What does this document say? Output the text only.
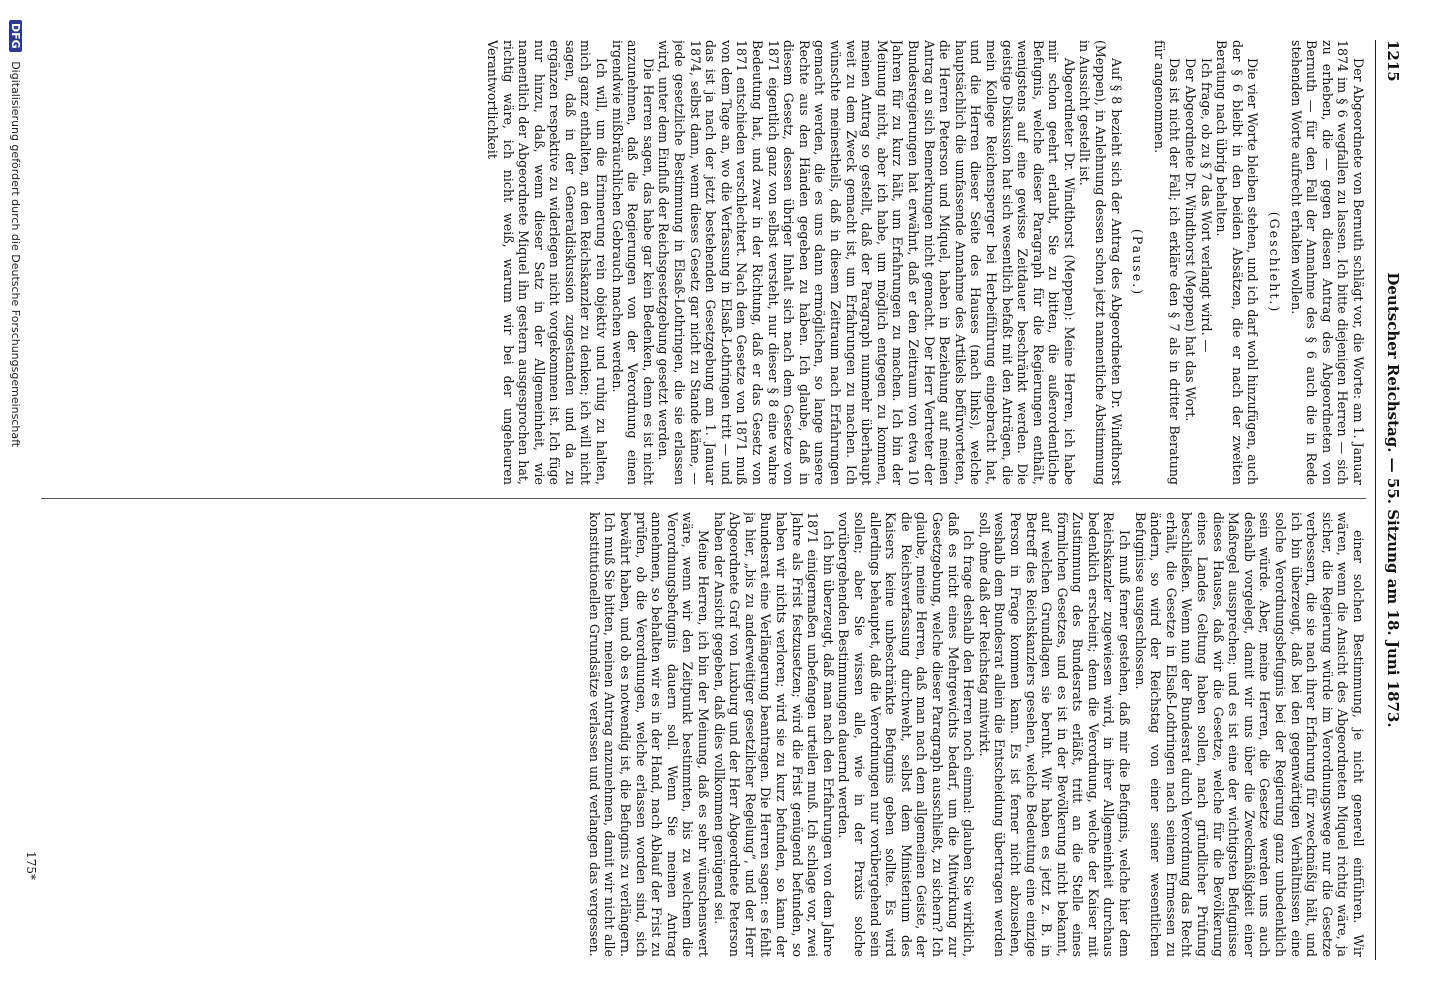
1215
Deutscher Reichstag. — 55. Sitzung am 18. Juni 1873.

einer solchen Bestimmung, je nicht generell einführen. Wir wären, wenn die Ansicht des Abgeordneten Miquel richtig wäre, ja sicher, die Regierung würde im Verordnungswege nur die Gesetze verbessern, die sie nach ihrer Erfahrung für zweckmäßig hält, und ich bin überzeugt, daß bei den gegenwärtigen Verhältnissen eine solche Verordnungsbefugnis bei der Regierung ganz unbedenklich sein würde. Aber, meine Herren, die Gesetze werden uns auch deshalb vorgelegt, damit wir uns über die Zweckmäßigkeit einer Maßregel aussprechen; und es ist eine der wichtigsten Befugnisse dieses Hauses, daß wir die Gesetze, welche für die Bevölkerung eines Landes Geltung haben sollen, nach gründlicher Prüfung beschließen. Wenn nun der Bundesrat durch Verordnung das Recht erhält, die Gesetze in Elsaß-Lothringen nach seinem Ermessen zu ändern, so wird der Reichstag von einer seiner wesentlichen Befugnisse ausgeschlossen.

Ich muß ferner gestehen, daß mir die Befugnis, welche hier dem Reichskanzler zugewiesen wird, in ihrer Allgemeinheit durchaus bedenklich erscheint; denn die Verordnung, welche der Kaiser mit Zustimmung des Bundesrats erläßt, tritt an die Stelle eines förmlichen Gesetzes, und es ist in der Bevölkerung nicht bekannt, auf welchen Grundlagen sie beruht. Wir haben es jetzt z. B. in Betreff des Reichskanzlers gesehen, welche Bedeutung eine einzige Person in Frage kommen kann. Es ist ferner nicht abzusehen, weshalb dem Bundesrat allein die Entscheidung übertragen werden soll, ohne daß der Reichstag mitwirkt.

Ich frage deshalb den Herren noch einmal: glauben Sie wirklich, daß es nicht eines Mehrgewichts bedarf, um die Mitwirkung zur Gesetzgebung, welche dieser Paragraph ausschließt, zu sichern? Ich glaube, meine Herren, daß man nach dem allgemeinen Geiste, der die Reichsverfassung durchweht, selbst dem Ministerium des Kaisers keine unbeschränkte Befugnis geben sollte. Es wird allerdings behauptet, daß die Verordnungen nur vorübergehend sein sollen; aber Sie wissen alle, wie in der Praxis solche vorübergehenden Bestimmungen dauernd werden.

Ich bin überzeugt, daß man nach den Erfahrungen von dem Jahre 1871 einigermaßen unbefangen urteilen muß. Ich schlage vor, zwei Jahre als Frist festzusetzen; wird die Frist genügend befunden, so haben wir nichts verloren; wird sie zu kurz befunden, so kann der Bundesrat eine Verlängerung beantragen. Die Herren sagen: es fehlt ja hier, „bis zu anderweitiger gesetzlicher Regelung“, und der Herr Abgeordnete Graf von Luxburg und der Herr Abgeordnete Peterson haben der Ansicht gegeben, daß dies vollkommen genügend sei.

Meine Herren, ich bin der Meinung, daß es sehr wünschenswert wäre, wenn wir den Zeitpunkt bestimmten, bis zu welchem die Verordnungsbefugnis dauern soll. Wenn Sie meinen Antrag annehmen, so behalten wir es in der Hand, nach Ablauf der Frist zu prüfen, ob die Verordnungen, welche erlassen worden sind, sich bewährt haben, und ob es notwendig ist, die Befugnis zu verlängern. Ich muß Sie bitten, meinen Antrag anzunehmen, damit wir nicht alle konstitutionellen Grundsätze verlassen und verlangen das vergessen.

Der Abgeordnete von Bernuth schlägt vor, die Worte: am 1. Januar 1874 im § 6 wegfallen zu lassen. Ich bitte diejenigen Herren — sich zu erheben, die — gegen diesen Antrag des Abgeordneten von Bernuth — für den Fall der Annahme des § 6 auch die in Rede stehenden Worte aufrecht erhalten wollen.

(Geschieht.)

Die vier Worte bleiben stehen, und ich darf wohl hinzufügen, auch der § 6 bleibt in den beiden Absätzen, die er nach der zweiten Beratung nach übrig behalten.

Ich frage, ob zu § 7 das Wort verlangt wird. —

Der Abgeordnete Dr. Windthorst (Meppen) hat das Wort.

Das ist nicht der Fall; ich erkläre den § 7 als in dritter Beratung für angenommen.

(Pause.)

Auf § 8 bezieht sich der Antrag des Abgeordneten Dr. Windthorst (Meppen), in Anlehnung dessen schon jetzt namentliche Abstimmung in Aussicht gestellt ist.

Abgeordneter Dr. Windthorst (Meppen): Meine Herren, ich habe mir schon geehrt erlaubt, Sie zu bitten, die außerordentliche Befugnis, welche dieser Paragraph für die Regierungen enthält, wenigstens auf eine gewisse Zeitdauer beschränkt werden. Die geistige Diskussion hat sich wesentlich befaßt mit den Anträgen, die mein Kollege Reichensperger bei Herbeiführung eingebracht hat, und die Herren dieser Seite des Hauses (nach links), welche hauptsächlich die umfassende Annahme des Artikels befürworteten, die Herren Peterson und Miquel, haben in Beziehung auf meinen Antrag an sich Bemerkungen nicht gemacht. Der Herr Vertreter der Bundesregierungen hat erwähnt, daß er den Zeitraum von etwa 10 Jahren für zu kurz hält, um Erfahrungen zu machen. Ich bin der Meinung nicht, aber ich habe, um möglich entgegen zu kommen, meinen Antrag so gestellt, daß der Paragraph nunmehr überhaupt weit zu dem Zweck gemacht ist, um Erfahrungen zu machen. Ich wünschte meinestheils, daß in diesem Zeitraum nach Erfahrungen gemacht werden, die es uns dann ermöglichen, so lange unsere Rechte aus den Händen gegeben zu haben. Ich glaube, daß in diesem Gesetz, dessen übriger Inhalt sich nach dem Gesetze von 1871 eigentlich ganz von selbst versteht, nur dieser § 8 eine wahre Bedeutung hat, und zwar in der Richtung, daß er das Gesetz von 1871 entschieden verschlechtert. Nach dem Gesetze von 1871 muß von dem Tage an, wo die Verfassung in Elsaß-Lothringen tritt — und das ist ja nach der jetzt bestehenden Gesetzgebung am 1. Januar 1874, selbst dann, wenn dieses Gesetz gar nicht zu Stande käme, — jede gesetzliche Bestimmung in Elsaß-Lothringen, die sie erlassen wird, unter dem Einfluß der Reichsgesetzgebung gesetzt werden.

Die Herren sagen, das habe gar kein Bedenken, denn es ist nicht anzunehmen, daß die Regierungen von der Verordnung einen irgendwie mißbräuchlichen Gebrauch machen werden.

Ich will, um die Erinnerung rein objektiv und ruhig zu halten, mich ganz enthalten, an den Reichskanzler zu denken; ich will nicht sagen, daß in der Generaldiskussion zugestanden und da zu ergänzen respektive zu widerlegen nicht vorgekommen ist. Ich füge nur hinzu, daß, wenn dieser Satz in der Allgemeinheit, wie namentlich der Abgeordnete Miquel ihn gestern ausgesprochen hat, richtig wäre, ich nicht weiß, warum wir bei der ungeheuren Verantwortlichkeit

175*
DFG Digitalisierung gefördert durch die Deutsche Forschungsgemeinschaft
